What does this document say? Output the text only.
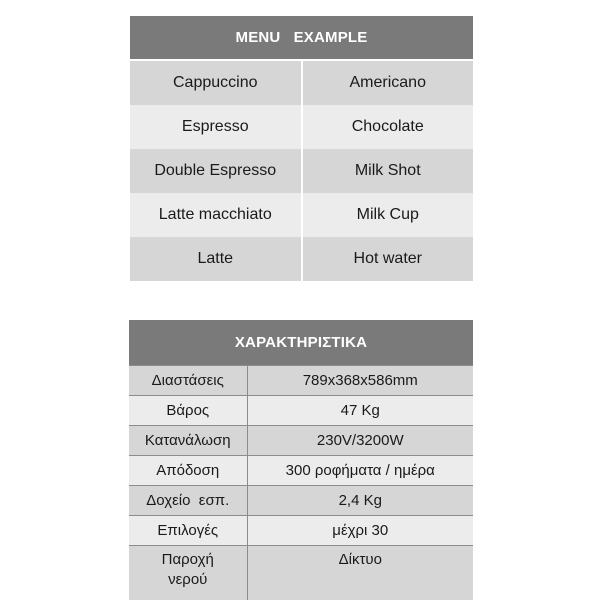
MENU   EXAMPLE	
Cappuccino	Americano
Espresso	Chocolate
Double Espresso	Milk Shot
Latte macchiato	Milk Cup
Latte	Hot water
ΧΑΡΑΚΤΗΡΙΣΤΙΚΑ	
Διαστάσεις	789x368x586mm
Βάρος	47 Kg
Κατανάλωση	230V/3200W
Απόδοση	300 ροφήματα / ημέρα
Δοχείο  εσπ.	2,4 Kg
Επιλογές	μέχρι 30
Παροχή νερού	Δίκτυο
